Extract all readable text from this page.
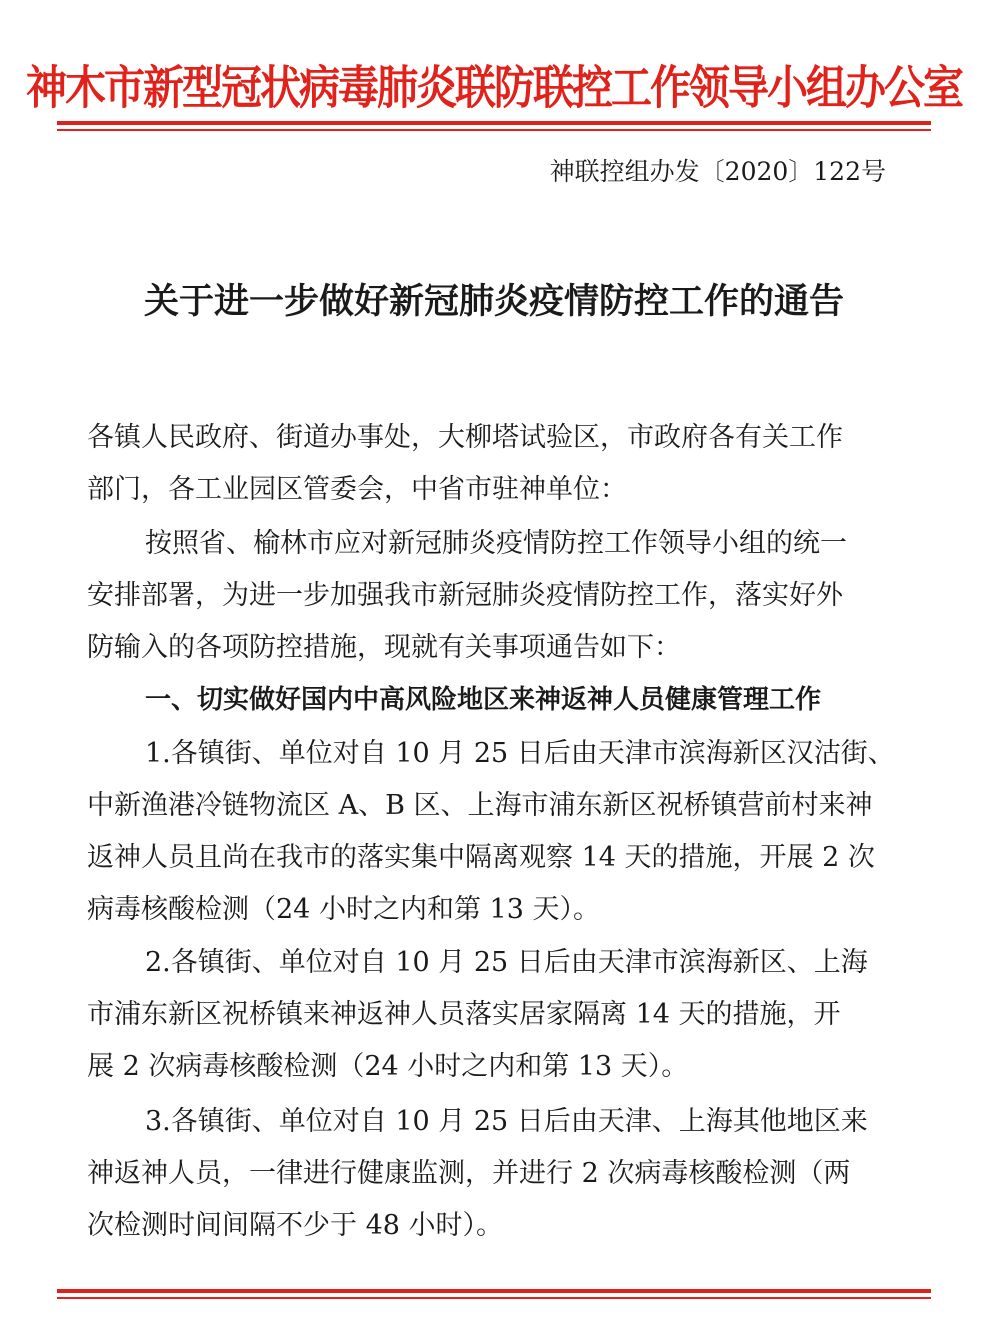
神木市新型冠状病毒肺炎联防联控工作领导小组办公室
神联控组办发〔2020〕122号
关于进一步做好新冠肺炎疫情防控工作的通告
各镇人民政府、街道办事处，大柳塔试验区，市政府各有关工作
部门，各工业园区管委会，中省市驻神单位：
按照省、榆林市应对新冠肺炎疫情防控工作领导小组的统一
安排部署，为进一步加强我市新冠肺炎疫情防控工作，落实好外
防输入的各项防控措施，现就有关事项通告如下：
一、切实做好国内中高风险地区来神返神人员健康管理工作
1.各镇街、单位对自 10 月 25 日后由天津市滨海新区汉沽街、
中新渔港冷链物流区 A、B 区、上海市浦东新区祝桥镇营前村来神
返神人员且尚在我市的落实集中隔离观察 14 天的措施，开展 2 次
病毒核酸检测（24 小时之内和第 13 天）。
2.各镇街、单位对自 10 月 25 日后由天津市滨海新区、上海
市浦东新区祝桥镇来神返神人员落实居家隔离 14 天的措施，开
展 2 次病毒核酸检测（24 小时之内和第 13 天）。
3.各镇街、单位对自 10 月 25 日后由天津、上海其他地区来
神返神人员，一律进行健康监测，并进行 2 次病毒核酸检测（两
次检测时间间隔不少于 48 小时）。
